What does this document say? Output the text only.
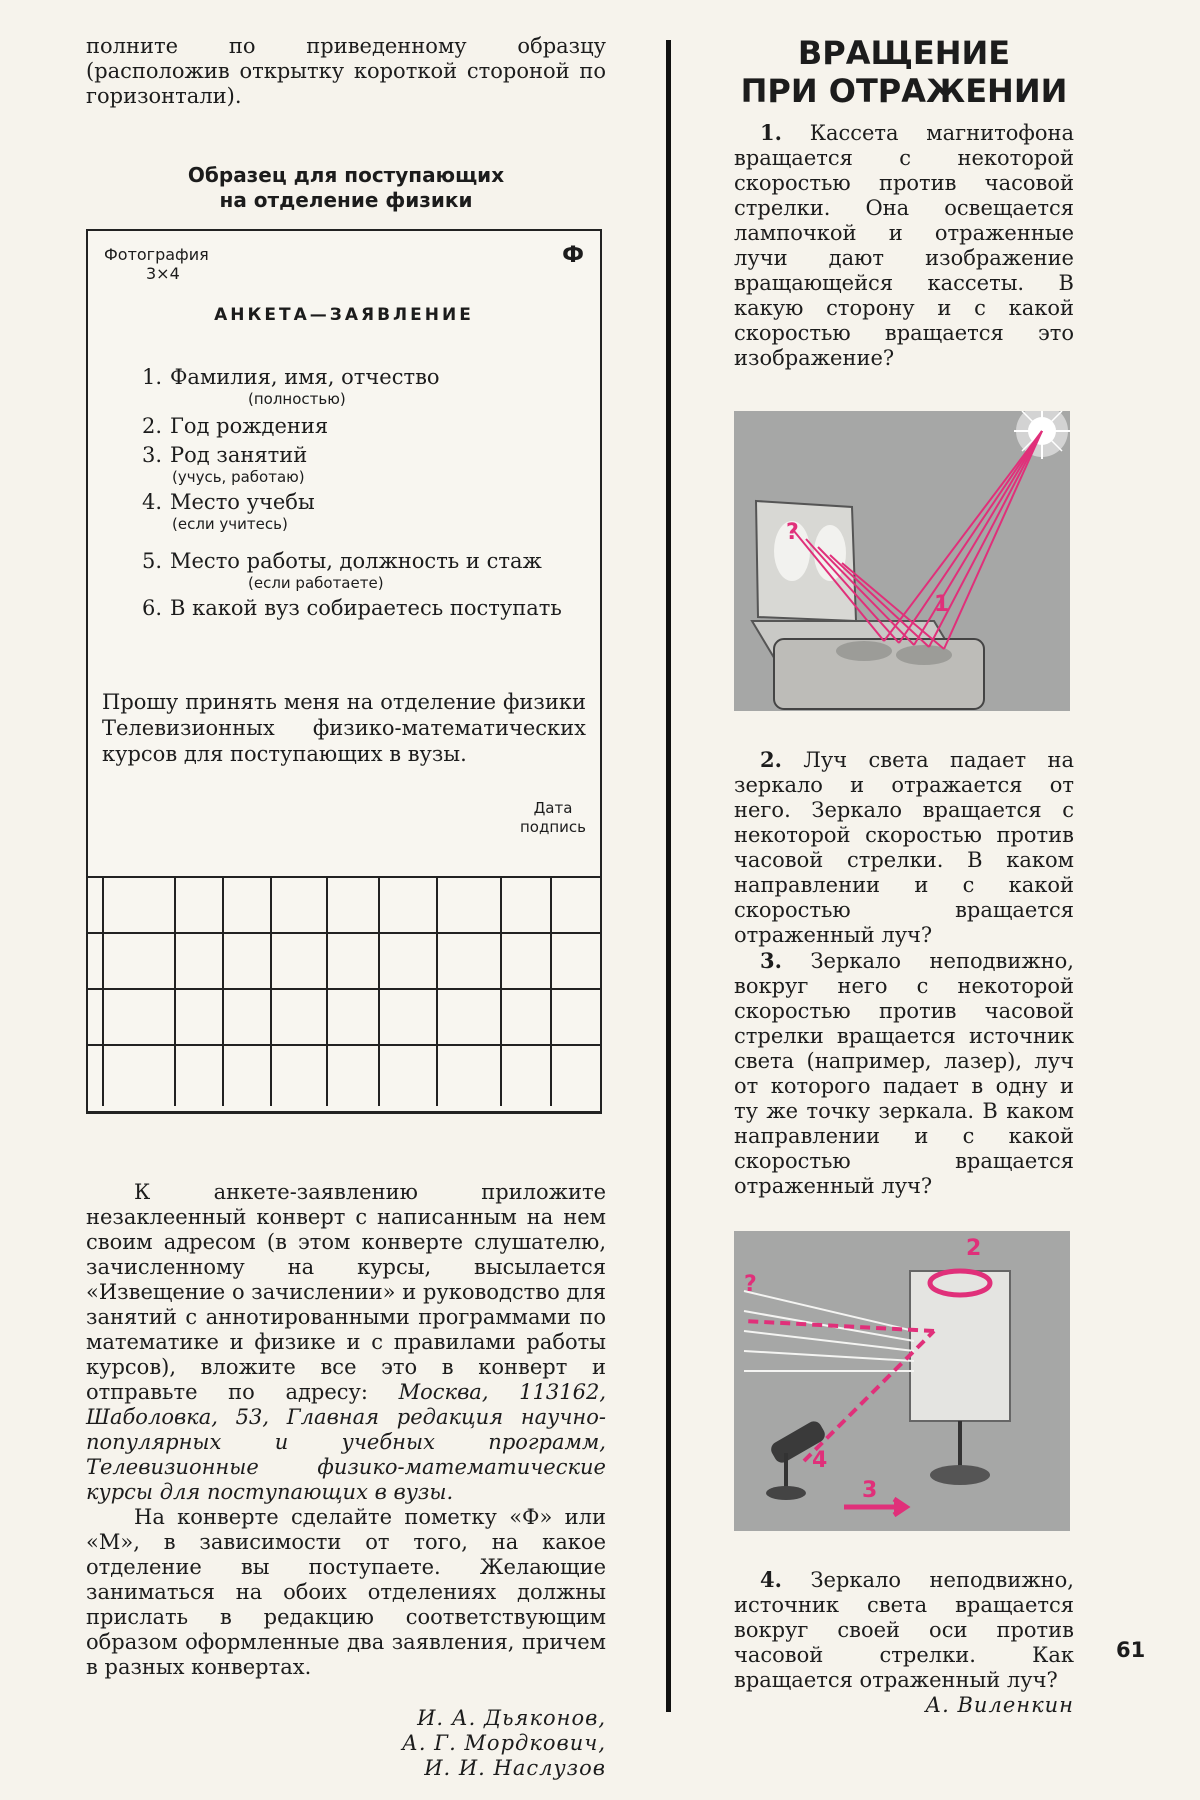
полните по приведенному образцу (расположив открытку короткой стороной по горизонтали).

Образец для поступающих
на отделение физики
Фотография
3×4
Ф
АНКЕТА—ЗАЯВЛЕНИЕ
1. Фамилия, имя, отчество
(полностью)
2. Год рождения
3. Род занятий
(учусь, работаю)
4. Место учебы
(если учитесь)
5. Место работы, должность и стаж
(если работаете)
6. В какой вуз собираетесь поступать

Прошу принять меня на отделение физики Телевизионных физико-математических курсов для поступающих в вузы.

Дата
подпись

К анкете-заявлению приложите незаклеенный конверт с написанным на нем своим адресом (в этом конверте слушателю, зачисленному на курсы, высылается «Извещение о зачислении» и руководство для занятий с аннотированными программами по математике и физике и с правилами работы курсов), вложите все это в конверт и отправьте по адресу: Москва, 113162, Шаболовка, 53, Главная редакция научно-популярных и учебных программ, Телевизионные физико-математические курсы для поступающих в вузы.

На конверте сделайте пометку «Ф» или «М», в зависимости от того, на какое отделение вы поступаете. Желающие заниматься на обоих отделениях должны прислать в редакцию соответствующим образом оформленные два заявления, причем в разных конвертах.

И. А. Дьяконов,
А. Г. Мордкович,
И. И. Наслузов
ВРАЩЕНИЕ
ПРИ ОТРАЖЕНИИ

1. Кассета магнитофона вращается с некоторой скоростью против часовой стрелки. Она освещается лампочкой и отраженные лучи дают изображение вращающейся кассеты. В какую сторону и с какой скоростью вращается это изображение?

?
1

2. Луч света падает на зеркало и отражается от него. Зеркало вращается с некоторой скоростью против часовой стрелки. В каком направлении и с какой скоростью вращается отраженный луч?

3. Зеркало неподвижно, вокруг него с некоторой скоростью против часовой стрелки вращается источник света (например, лазер), луч от которого падает в одну и ту же точку зеркала. В каком направлении и с какой скоростью вращается отраженный луч?

?
2
3
4

4. Зеркало неподвижно, источник света вращается вокруг своей оси против часовой стрелки. Как вращается отраженный луч?

А. Виленкин
61
